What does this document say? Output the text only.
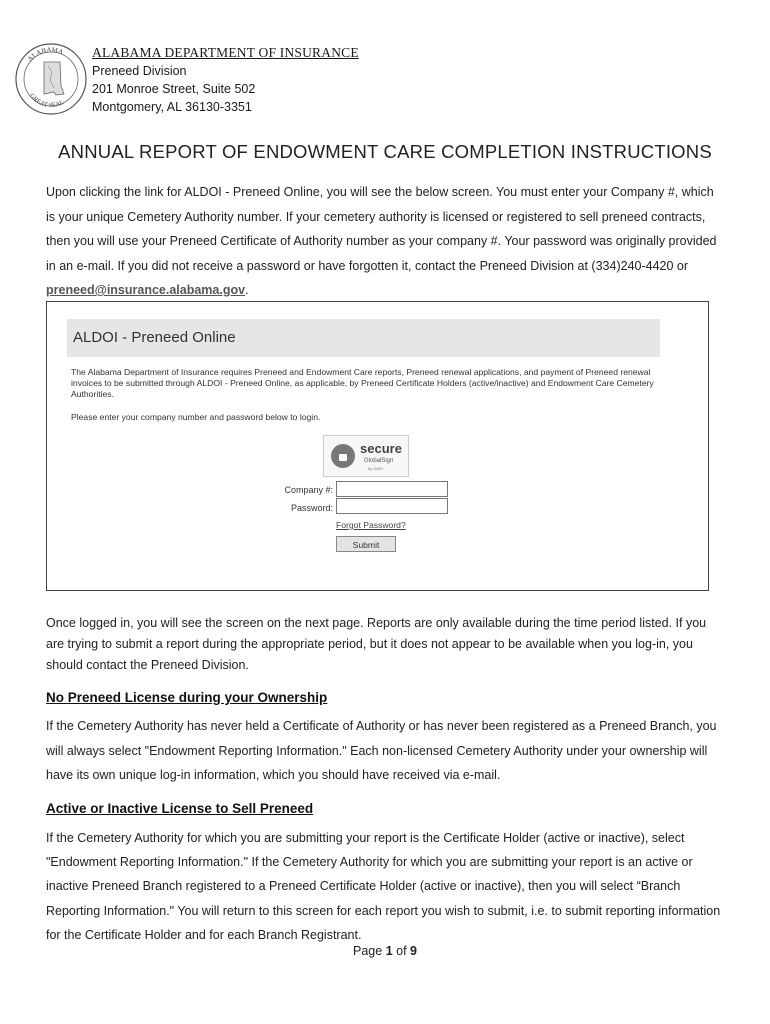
ALABAMA
GREAT SEAL
ALABAMA DEPARTMENT OF INSURANCE
Preneed Division
201 Monroe Street, Suite 502
Montgomery, AL 36130-3351
ANNUAL REPORT OF ENDOWMENT CARE COMPLETION INSTRUCTIONS
Upon clicking the link for ALDOI - Preneed Online, you will see the below screen. You must enter your Company #, which is your unique Cemetery Authority number. If your cemetery authority is licensed or registered to sell preneed contracts, then you will use your Preneed Certificate of Authority number as your company #. Your password was originally provided in an e-mail. If you did not receive a password or have forgotten it, contact the Preneed Division at (334)240-4420 or preneed@insurance.alabama.gov.
ALDOI - Preneed Online
The Alabama Department of Insurance requires Preneed and Endowment Care reports, Preneed renewal applications, and payment of Preneed renewal invoices to be submitted through ALDOI - Preneed Online, as applicable, by Preneed Certificate Holders (active/inactive) and Endowment Care Cemetery Authorities.
Please enter your company number and password below to login.
secure
GlobalSign
by GMO
Company #:
Password:
Forgot Password?
Submit
Once logged in, you will see the screen on the next page. Reports are only available during the time period listed. If you are trying to submit a report during the appropriate period, but it does not appear to be available when you log-in, you should contact the Preneed Division.
No Preneed License during your Ownership
If the Cemetery Authority has never held a Certificate of Authority or has never been registered as a Preneed Branch, you will always select "Endowment Reporting Information." Each non-licensed Cemetery Authority under your ownership will have its own unique log-in information, which you should have received via e-mail.
Active or Inactive License to Sell Preneed
If the Cemetery Authority for which you are submitting your report is the Certificate Holder (active or inactive), select "Endowment Reporting Information." If the Cemetery Authority for which you are submitting your report is an active or inactive Preneed Branch registered to a Preneed Certificate Holder (active or inactive), then you will select “Branch Reporting Information." You will return to this screen for each report you wish to submit, i.e. to submit reporting information for the Certificate Holder and for each Branch Registrant.
Page 1 of 9
